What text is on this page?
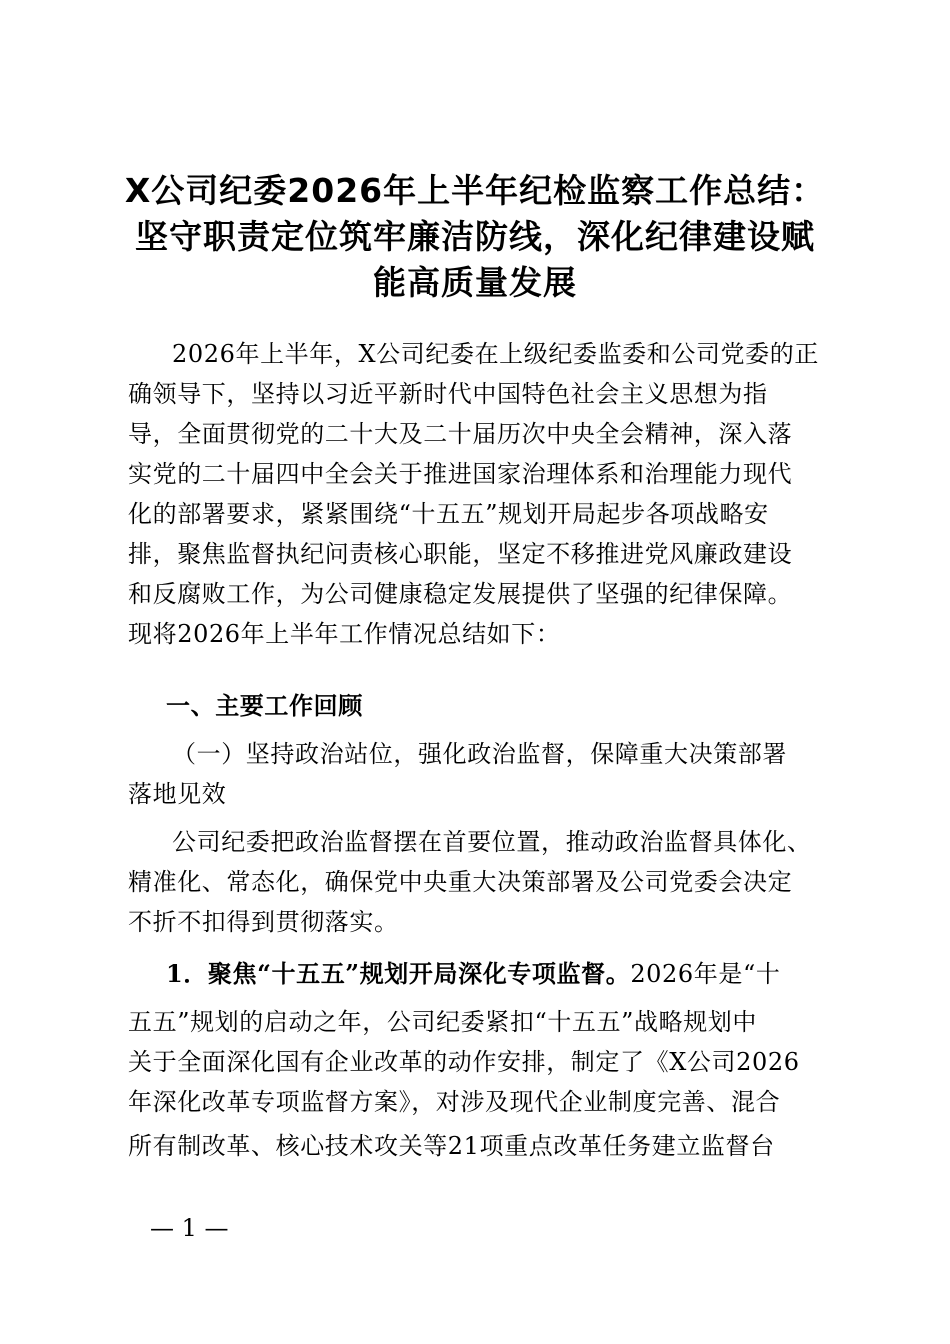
X公司纪委2026年上半年纪检监察工作总结：
坚守职责定位筑牢廉洁防线，深化纪律建设赋
能高质量发展

2026年上半年，X公司纪委在上级纪委监委和公司党委的正

确领导下，坚持以习近平新时代中国特色社会主义思想为指

导，全面贯彻党的二十大及二十届历次中央全会精神，深入落

实党的二十届四中全会关于推进国家治理体系和治理能力现代

化的部署要求，紧紧围绕“十五五”规划开局起步各项战略安

排，聚焦监督执纪问责核心职能，坚定不移推进党风廉政建设

和反腐败工作，为公司健康稳定发展提供了坚强的纪律保障。

现将2026年上半年工作情况总结如下：

一、主要工作回顾

（一）坚持政治站位，强化政治监督，保障重大决策部署

落地见效

公司纪委把政治监督摆在首要位置，推动政治监督具体化、

精准化、常态化，确保党中央重大决策部署及公司党委会决定

不折不扣得到贯彻落实。

1．聚焦“十五五”规划开局深化专项监督。2026年是“十

五五”规划的启动之年，公司纪委紧扣“十五五”战略规划中

关于全面深化国有企业改革的动作安排，制定了《X公司2026

年深化改革专项监督方案》，对涉及现代企业制度完善、混合

所有制改革、核心技术攻关等21项重点改革任务建立监督台

— 1 —
